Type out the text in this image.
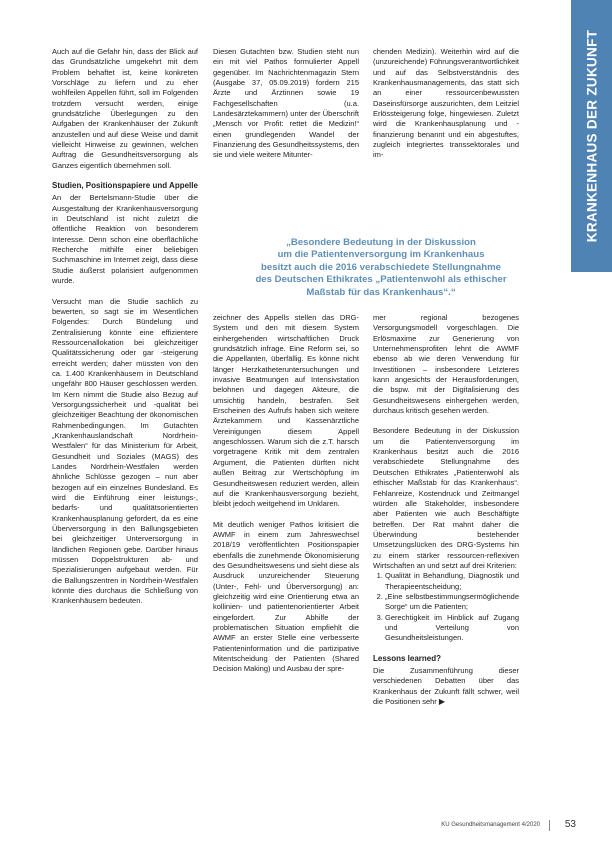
KRANKENHAUS DER ZUKUNFT

Auch auf die Gefahr hin, dass der Blick auf das Grundsätzliche umgekehrt mit dem Problem behaftet ist, keine konkreten Vorschläge zu liefern und zu eher wohlfeilen Appellen führt, soll im Folgenden trotzdem versucht werden, einige grundsätzliche Überlegungen zu den Aufgaben der Krankenhäuser der Zukunft anzustellen und auf diese Weise und damit vielleicht Hinweise zu gewinnen, welchen Auftrag die Gesundheitsversorgung als Ganzes eigentlich übernehmen soll.

Studien, Positionspapiere und Appelle

An der Bertelsmann-Studie über die Ausgestaltung der Krankenhausversorgung in Deutschland ist nicht zuletzt die öffentliche Reaktion von besonderem Interesse. Denn schon eine oberflächliche Recherche mithilfe einer beliebigen Suchmaschine im Internet zeigt, dass diese Studie äußerst polarisiert aufgenommen wurde.

Versucht man die Studie sachlich zu bewerten, so sagt sie im Wesentlichen Folgendes: Durch Bündelung und Zentralisierung könnte eine effizientere Ressourcenallokation bei gleichzeitiger Qualitätssicherung oder gar -steigerung erreicht werden; daher müssten von den ca. 1.400 Krankenhäusern in Deutschland ungefähr 800 Häuser geschlossen werden. Im Kern nimmt die Studie also Bezug auf Versorgungssicherheit und -qualität bei gleichzeitiger Beachtung der ökonomischen Rahmenbedingungen. Im Gutachten „Krankenhauslandschaft Nordrhein-Westfalen“ für das Ministerium für Arbeit, Gesundheit und Soziales (MAGS) des Landes Nordrhein-Westfalen werden ähnliche Schlüsse gezogen – nun aber bezogen auf ein einzelnes Bundesland. Es wird die Einführung einer leistungs-, bedarfs- und qualitätsorientierten Krankenhausplanung gefordert, da es eine Überversorgung in den Ballungsgebieten bei gleichzeitiger Unterversorgung in ländlichen Regionen gebe. Darüber hinaus müssen Doppelstrukturen ab- und Spezialisierungen aufgebaut werden. Für die Ballungszentren in Nordrhein-Westfalen könnte dies durchaus die Schließung von Krankenhäusern bedeuten.

Diesen Gutachten bzw. Studien steht nun ein mit viel Pathos formulierter Appell gegenüber. Im Nachrichtenmagazin Stern (Ausgabe 37, 05.09.2019) fordern 215 Ärzte und Ärztinnen sowie 19 Fachgesellschaften (u.a. Landesärztekammern) unter der Überschrift „Mensch vor Profit: rettet die Medizin!“ einen grundlegenden Wandel der Finanzierung des Gesundheitssystems, den sie und viele weitere Mitunter-

chenden Medizin). Weiterhin wird auf die (unzureichende) Führungsverantwortlichkeit und auf das Selbstverständnis des Krankenhausmanagements, das statt sich an einer ressourcenbewussten Daseinsfürsorge auszurichten, dem Leitziel Erlössteigerung folge, hingewiesen. Zuletzt wird die Krankenhausplanung und -finanzierung benannt und ein abgestuftes, zugleich integriertes transsektorales und im-

„Besondere Bedeutung in der Diskussion
um die Patientenversorgung im Krankenhaus
besitzt auch die 2016 verabschiedete Stellungnahme
des Deutschen Ethikrates „Patientenwohl als ethischer
Maßstab für das Krankenhaus“.“

zeichner des Appells stellen das DRG-System und den mit diesem System einhergehenden wirtschaftlichen Druck grundsätzlich infrage. Eine Reform sei, so die Appellanten, überfällig. Es könne nicht länger Herzkatheteruntersuchungen und invasive Beatmungen auf Intensivstation belohnen und dagegen Akteure, die umsichtig handeln, bestrafen. Seit Erscheinen des Aufrufs haben sich weitere Ärztekammern und Kassenärztliche Vereinigungen diesem Appell angeschlossen. Warum sich die z.T. harsch vorgetragene Kritik mit dem zentralen Argument, die Patienten dürften nicht außen Beitrag zur Wertschöpfung im Gesundheitswesen reduziert werden, allein auf die Krankenhausversorgung bezieht, bleibt jedoch weitgehend im Unklaren.

Mit deutlich weniger Pathos kritisiert die AWMF in einem zum Jahreswechsel 2018/19 veröffentlichten Positionspapier ebenfalls die zunehmende Ökonomisierung des Gesundheitswesens und sieht diese als Ausdruck unzureichender Steuerung (Unter-, Fehl- und Überversorgung) an: gleichzeitig wird eine Orientierung etwa an kollinien- und patientenorientierter Arbeit eingefordert. Zur Abhilfe der problematischen Situation empfiehlt die AWMF an erster Stelle eine verbesserte Patienteninformation und die partizipative Mitentscheidung der Patienten (Shared Decision Making) und Ausbau der spre-

mer regional bezogenes Versorgungsmodell vorgeschlagen. Die Erlösmaxime zur Generierung von Unternehmensprofiten lehnt die AWMF ebenso ab wie deren Verwendung für Investitionen – insbesondere Letzteres kann angesichts der Herausforderungen, die bspw. mit der Digitalisierung des Gesundheitswesens einhergehen werden, durchaus kritisch gesehen werden.

Besondere Bedeutung in der Diskussion um die Patientenversorgung im Krankenhaus besitzt auch die 2016 verabschiedete Stellungnahme des Deutschen Ethikrates „Patientenwohl als ethischer Maßstab für das Krankenhaus“. Fehlanreize, Kostendruck und Zeitmangel würden alle Stakeholder, insbesondere aber Patienten wie auch Beschäftigte betreffen. Der Rat mahnt daher die Überwindung bestehender Umsetzungslücken des DRG-Systems hin zu einem stärker ressourcen-reflexiven Wirtschaften an und setzt auf drei Kriterien:

1. Qualität in Behandlung, Diagnostik und Therapieentscheidung;
2. „Eine selbstbestimmungsermöglichende Sorge“ um die Patienten;
3. Gerechtigkeit im Hinblick auf Zugang und Verteilung von Gesundheitsleistungen.
Lessons learned?

Die Zusammenführung dieser verschiedenen Debatten über das Krankenhaus der Zukunft fällt schwer, weil die Positionen sehr ▶

KU Gesundheitsmanagement 4/2020 53
